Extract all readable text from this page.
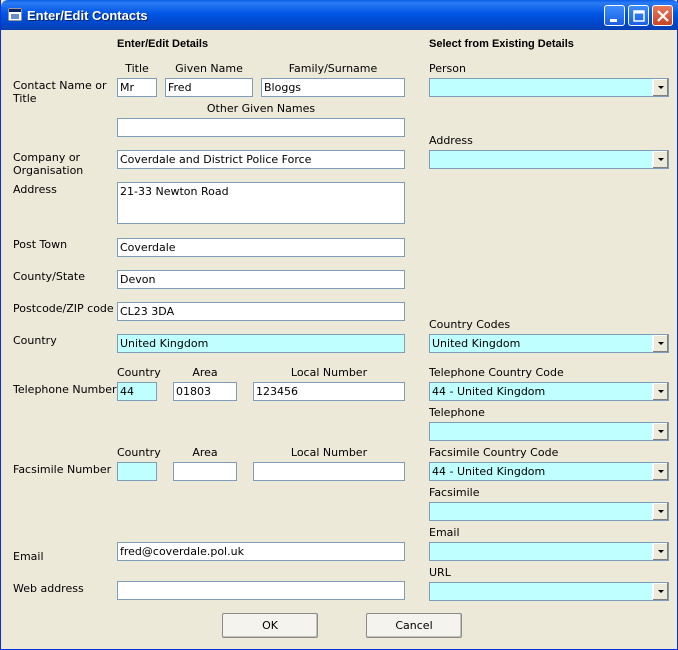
Enter/Edit Contacts
Enter/Edit Details	Select from Existing Details
Contact Name or Title
Title	Given Name	Family/Surname
Mr	Fred	Bloggs
Other Given Names
Company or Organisation
Coverdale and District Police Force
Address	21-33 Newton Road
Post Town	Coverdale
County/State	Devon
Postcode/ZIP code CL23 3DA
Country	United Kingdom
Country	Area	Local Number
Telephone Number 44	01803	123456
Country	Area	Local Number
Facsimile Number
Email	fred@coverdale.pol.uk
Web address
Person
Address
Country Codes
United Kingdom
Telephone Country Code
44 - United Kingdom
Telephone
Facsimile Country Code
44 - United Kingdom
Facsimile
Email
URL
OK	Cancel
